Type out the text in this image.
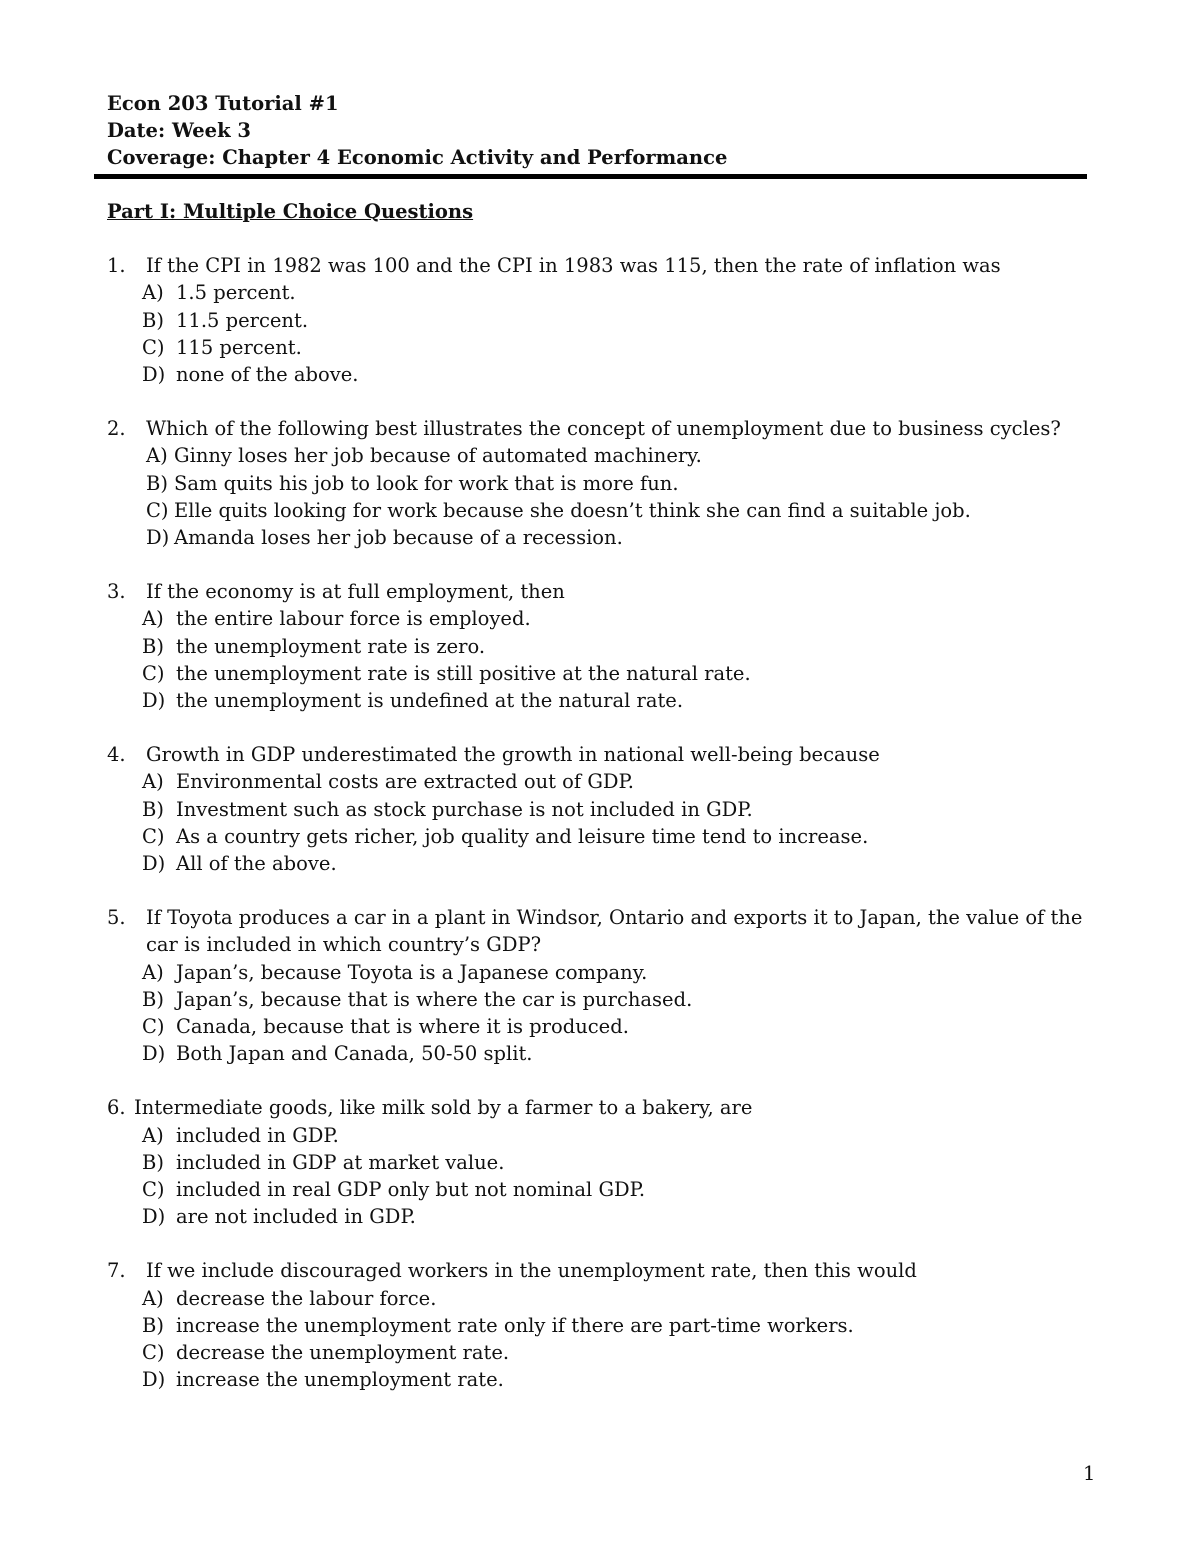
Econ 203 Tutorial #1
Date: Week 3
Coverage: Chapter 4 Economic Activity and Performance
Part I: Multiple Choice Questions
1.	If the CPI in 1982 was 100 and the CPI in 1983 was 115, then the rate of inflation was
A) 1.5 percent.
B) 11.5 percent.
C) 115 percent.
D) none of the above.
2.	Which of the following best illustrates the concept of unemployment due to business cycles?
A) Ginny loses her job because of automated machinery.
B) Sam quits his job to look for work that is more fun.
C) Elle quits looking for work because she doesn’t think she can find a suitable job.
D) Amanda loses her job because of a recession.
3.	If the economy is at full employment, then
A) the entire labour force is employed.
B) the unemployment rate is zero.
C) the unemployment rate is still positive at the natural rate.
D) the unemployment is undefined at the natural rate.
4.	Growth in GDP underestimated the growth in national well-being because
A) Environmental costs are extracted out of GDP.
B) Investment such as stock purchase is not included in GDP.
C) As a country gets richer, job quality and leisure time tend to increase.
D) All of the above.
5.	If Toyota produces a car in a plant in Windsor, Ontario and exports it to Japan, the value of the car is included in which country’s GDP?
A) Japan’s, because Toyota is a Japanese company.
B) Japan’s, because that is where the car is purchased.
C) Canada, because that is where it is produced.
D) Both Japan and Canada, 50-50 split.
6. Intermediate goods, like milk sold by a farmer to a bakery, are
A) included in GDP.
B) included in GDP at market value.
C) included in real GDP only but not nominal GDP.
D) are not included in GDP.
7.	If we include discouraged workers in the unemployment rate, then this would
A) decrease the labour force.
B) increase the unemployment rate only if there are part-time workers.
C) decrease the unemployment rate.
D) increase the unemployment rate.
1
